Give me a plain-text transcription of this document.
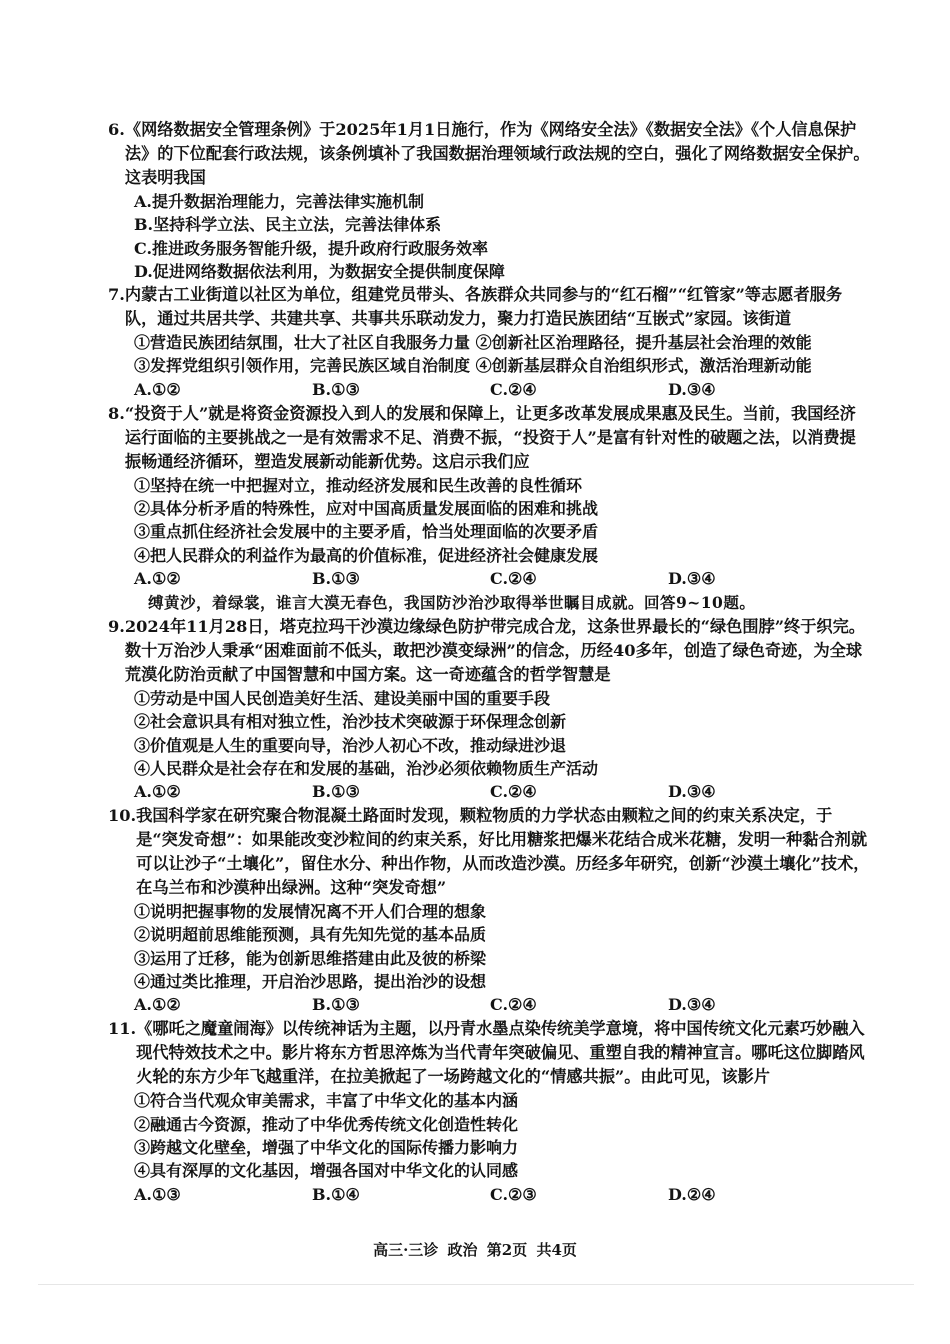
6. 《网络数据安全管理条例》于2025年1月1日施行，作为《网络安全法》《数据安全法》《个人信息保护法》的下位配套行政法规，该条例填补了我国数据治理领域行政法规的空白，强化了网络数据安全保护。这表明我国
A.提升数据治理能力，完善法律实施机制
B.坚持科学立法、民主立法，完善法律体系
C.推进政务服务智能升级，提升政府行政服务效率
D.促进网络数据依法利用，为数据安全提供制度保障
7. 内蒙古工业街道以社区为单位，组建党员带头、各族群众共同参与的“红石榴”“红管家”等志愿者服务队，通过共居共学、共建共享、共事共乐联动发力，聚力打造民族团结“互嵌式”家园。该街道
①营造民族团结氛围，壮大了社区自我服务力量 ②创新社区治理路径，提升基层社会治理的效能
③发挥党组织引领作用，完善民族区域自治制度 ④创新基层群众自治组织形式，激活治理新动能
A.①②	B.①③	C.②④	D.③④
8. “投资于人”就是将资金资源投入到人的发展和保障上，让更多改革发展成果惠及民生。当前，我国经济运行面临的主要挑战之一是有效需求不足、消费不振，“投资于人”是富有针对性的破题之法，以消费提振畅通经济循环，塑造发展新动能新优势。这启示我们应
①坚持在统一中把握对立，推动经济发展和民生改善的良性循环
②具体分析矛盾的特殊性，应对中国高质量发展面临的困难和挑战
③重点抓住经济社会发展中的主要矛盾，恰当处理面临的次要矛盾
④把人民群众的利益作为最高的价值标准，促进经济社会健康发展
A.①②	B.①③	C.②④	D.③④
缚黄沙，着绿裳，谁言大漠无春色，我国防沙治沙取得举世瞩目成就。回答9~10题。
9. 2024年11月28日，塔克拉玛干沙漠边缘绿色防护带完成合龙，这条世界最长的“绿色围脖”终于织完。数十万治沙人秉承“困难面前不低头，敢把沙漠变绿洲”的信念，历经40多年，创造了绿色奇迹，为全球荒漠化防治贡献了中国智慧和中国方案。这一奇迹蕴含的哲学智慧是
①劳动是中国人民创造美好生活、建设美丽中国的重要手段
②社会意识具有相对独立性，治沙技术突破源于环保理念创新
③价值观是人生的重要向导，治沙人初心不改，推动绿进沙退
④人民群众是社会存在和发展的基础，治沙必须依赖物质生产活动
A.①②	B.①③	C.②④	D.③④
10. 我国科学家在研究聚合物混凝土路面时发现，颗粒物质的力学状态由颗粒之间的约束关系决定，于是“突发奇想”：如果能改变沙粒间的约束关系，好比用糖浆把爆米花结合成米花糖，发明一种黏合剂就可以让沙子“土壤化”，留住水分、种出作物，从而改造沙漠。历经多年研究，创新“沙漠土壤化”技术，在乌兰布和沙漠种出绿洲。这种“突发奇想”
①说明把握事物的发展情况离不开人们合理的想象
②说明超前思维能预测，具有先知先觉的基本品质
③运用了迁移，能为创新思维搭建由此及彼的桥梁
④通过类比推理，开启治沙思路，提出治沙的设想
A.①②	B.①③	C.②④	D.③④
11. 《哪吒之魔童闹海》以传统神话为主题，以丹青水墨点染传统美学意境，将中国传统文化元素巧妙融入现代特效技术之中。影片将东方哲思淬炼为当代青年突破偏见、重塑自我的精神宣言。哪吒这位脚踏风火轮的东方少年飞越重洋，在拉美掀起了一场跨越文化的“情感共振”。由此可见，该影片
①符合当代观众审美需求，丰富了中华文化的基本内涵
②融通古今资源，推动了中华优秀传统文化创造性转化
③跨越文化壁垒，增强了中华文化的国际传播力影响力
④具有深厚的文化基因，增强各国对中华文化的认同感
A.①③	B.①④	C.②③	D.②④
高三·三诊 政治 第2页 共4页
